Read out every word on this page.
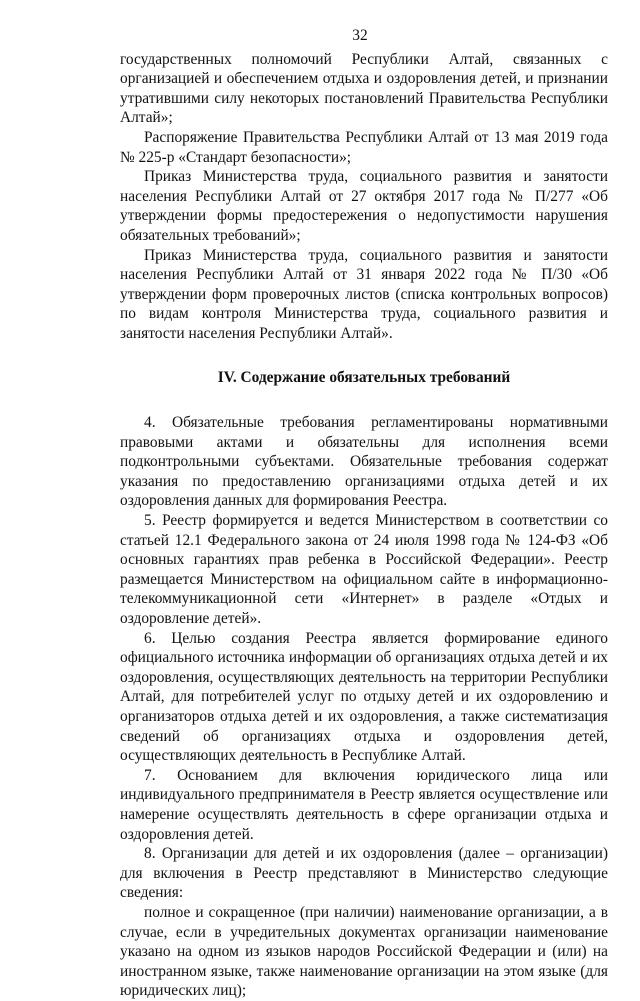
32

государственных полномочий Республики Алтай, связанных с организацией и обеспечением отдыха и оздоровления детей, и признании утратившими силу некоторых постановлений Правительства Республики Алтай»;

Распоряжение Правительства Республики Алтай от 13 мая 2019 года № 225-р «Стандарт безопасности»;

Приказ Министерства труда, социального развития и занятости населения Республики Алтай от 27 октября 2017 года № П/277 «Об утверждении формы предостережения о недопустимости нарушения обязательных требований»;

Приказ Министерства труда, социального развития и занятости населения Республики Алтай от 31 января 2022 года № П/30 «Об утверждении форм проверочных листов (списка контрольных вопросов) по видам контроля Министерства труда, социального развития и занятости населения Республики Алтай».

IV. Содержание обязательных требований

4. Обязательные требования регламентированы нормативными правовыми актами и обязательны для исполнения всеми подконтрольными субъектами. Обязательные требования содержат указания по предоставлению организациями отдыха детей и их оздоровления данных для формирования Реестра.

5. Реестр формируется и ведется Министерством в соответствии со статьей 12.1 Федерального закона от 24 июля 1998 года № 124-ФЗ «Об основных гарантиях прав ребенка в Российской Федерации». Реестр размещается Министерством на официальном сайте в информационно-телекоммуникационной сети «Интернет» в разделе «Отдых и оздоровление детей».

6. Целью создания Реестра является формирование единого официального источника информации об организациях отдыха детей и их оздоровления, осуществляющих деятельность на территории Республики Алтай, для потребителей услуг по отдыху детей и их оздоровлению и организаторов отдыха детей и их оздоровления, а также систематизация сведений об организациях отдыха и оздоровления детей, осуществляющих деятельность в Республике Алтай.

7. Основанием для включения юридического лица или индивидуального предпринимателя в Реестр является осуществление или намерение осуществлять деятельность в сфере организации отдыха и оздоровления детей.

8. Организации для детей и их оздоровления (далее – организации) для включения в Реестр представляют в Министерство следующие сведения:

полное и сокращенное (при наличии) наименование организации, а в случае, если в учредительных документах организации наименование указано на одном из языков народов Российской Федерации и (или) на иностранном языке, также наименование организации на этом языке (для юридических лиц);
